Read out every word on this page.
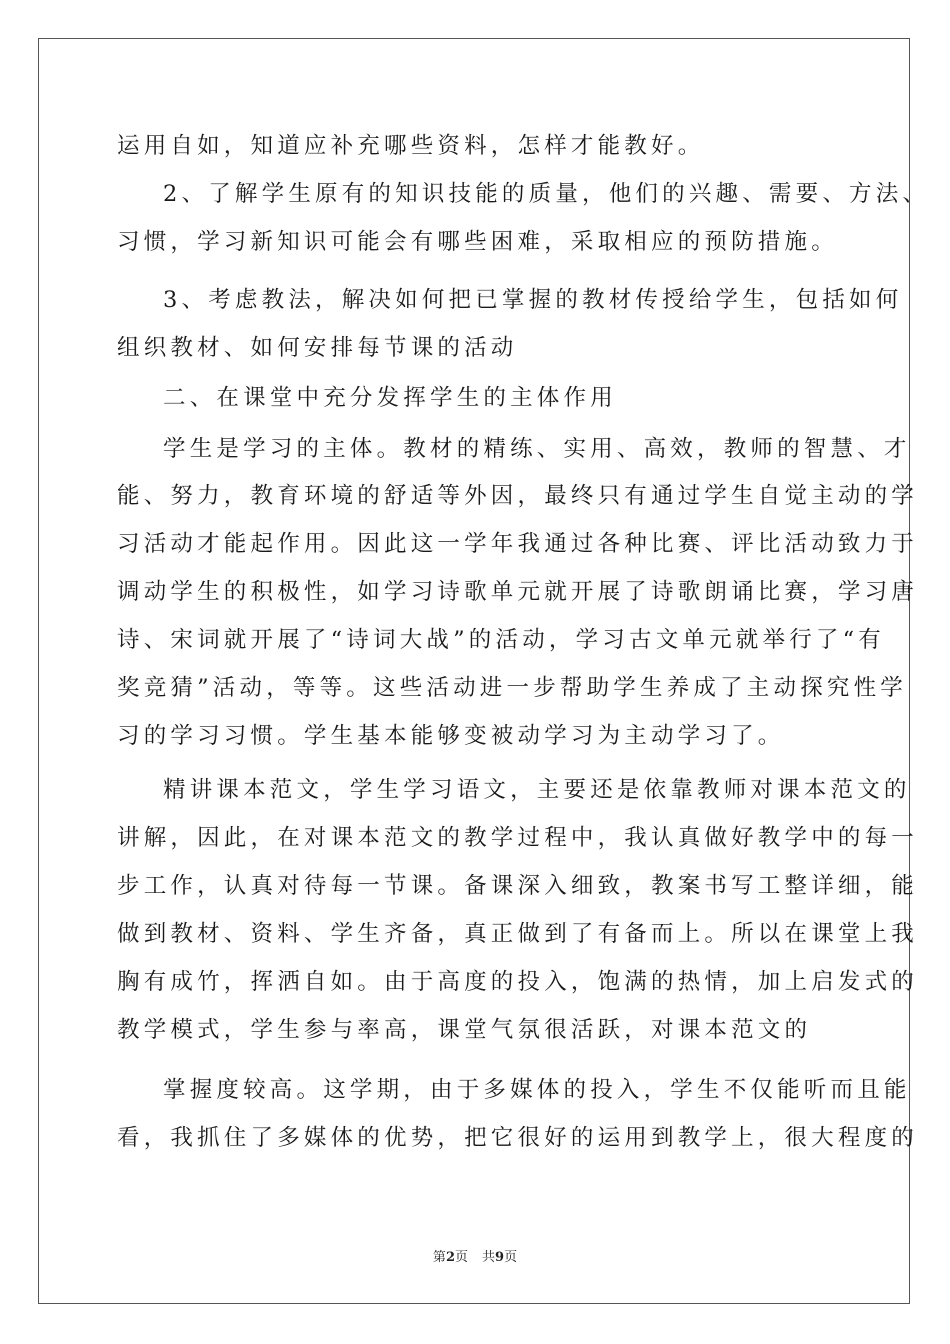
运用自如，知道应补充哪些资料，怎样才能教好。
2、了解学生原有的知识技能的质量，他们的兴趣、需要、方法、
习惯，学习新知识可能会有哪些困难，采取相应的预防措施。
3、考虑教法，解决如何把已掌握的教材传授给学生，包括如何
组织教材、如何安排每节课的活动
二、在课堂中充分发挥学生的主体作用
学生是学习的主体。教材的精练、实用、高效，教师的智慧、才
能、努力，教育环境的舒适等外因，最终只有通过学生自觉主动的学
习活动才能起作用。因此这一学年我通过各种比赛、评比活动致力于
调动学生的积极性，如学习诗歌单元就开展了诗歌朗诵比赛，学习唐
诗、宋词就开展了“诗词大战”的活动，学习古文单元就举行了“有
奖竞猜”活动，等等。这些活动进一步帮助学生养成了主动探究性学
习的学习习惯。学生基本能够变被动学习为主动学习了。
精讲课本范文，学生学习语文，主要还是依靠教师对课本范文的
讲解，因此，在对课本范文的教学过程中，我认真做好教学中的每一
步工作，认真对待每一节课。备课深入细致，教案书写工整详细，能
做到教材、资料、学生齐备，真正做到了有备而上。所以在课堂上我
胸有成竹，挥洒自如。由于高度的投入，饱满的热情，加上启发式的
教学模式，学生参与率高，课堂气氛很活跃，对课本范文的
掌握度较高。这学期，由于多媒体的投入，学生不仅能听而且能
看，我抓住了多媒体的优势，把它很好的运用到教学上，很大程度的
第2页 共9页
